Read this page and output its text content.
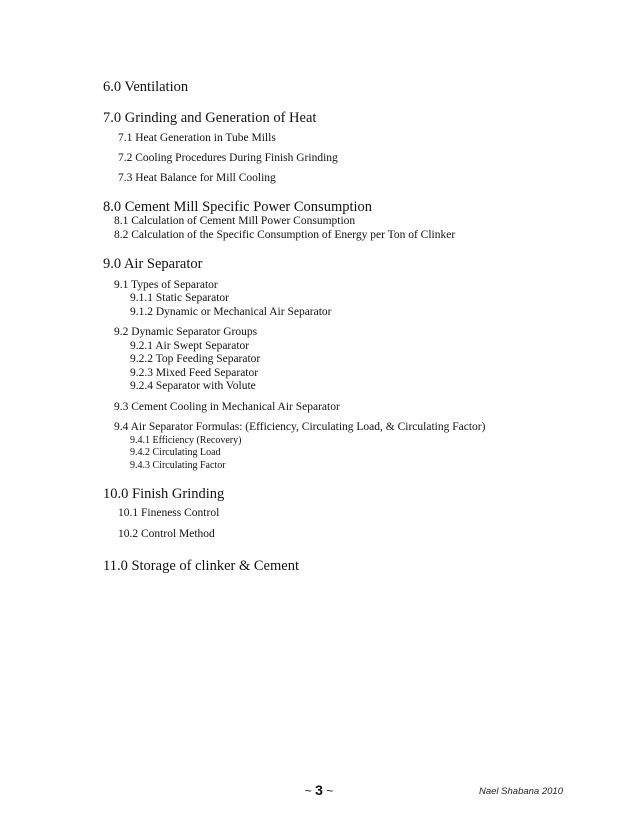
6.0 Ventilation
7.0 Grinding and Generation of Heat
7.1 Heat Generation in Tube Mills
7.2 Cooling Procedures During Finish Grinding
7.3 Heat Balance for Mill Cooling
8.0 Cement Mill Specific Power Consumption
8.1 Calculation of Cement Mill Power Consumption
8.2 Calculation of the Specific Consumption of Energy per Ton of Clinker
9.0 Air Separator
9.1 Types of Separator
9.1.1 Static Separator
9.1.2 Dynamic or Mechanical Air Separator
9.2 Dynamic Separator Groups
9.2.1 Air Swept Separator
9.2.2 Top Feeding Separator
9.2.3 Mixed Feed Separator
9.2.4 Separator with Volute
9.3 Cement Cooling in Mechanical Air Separator
9.4 Air Separator Formulas: (Efficiency, Circulating Load, & Circulating Factor)
9.4.1 Efficiency (Recovery)
9.4.2 Circulating Load
9.4.3 Circulating Factor
10.0 Finish Grinding
10.1 Fineness Control
10.2 Control Method
11.0 Storage of clinker & Cement
~ 3 ~	Nael Shabana 2010
